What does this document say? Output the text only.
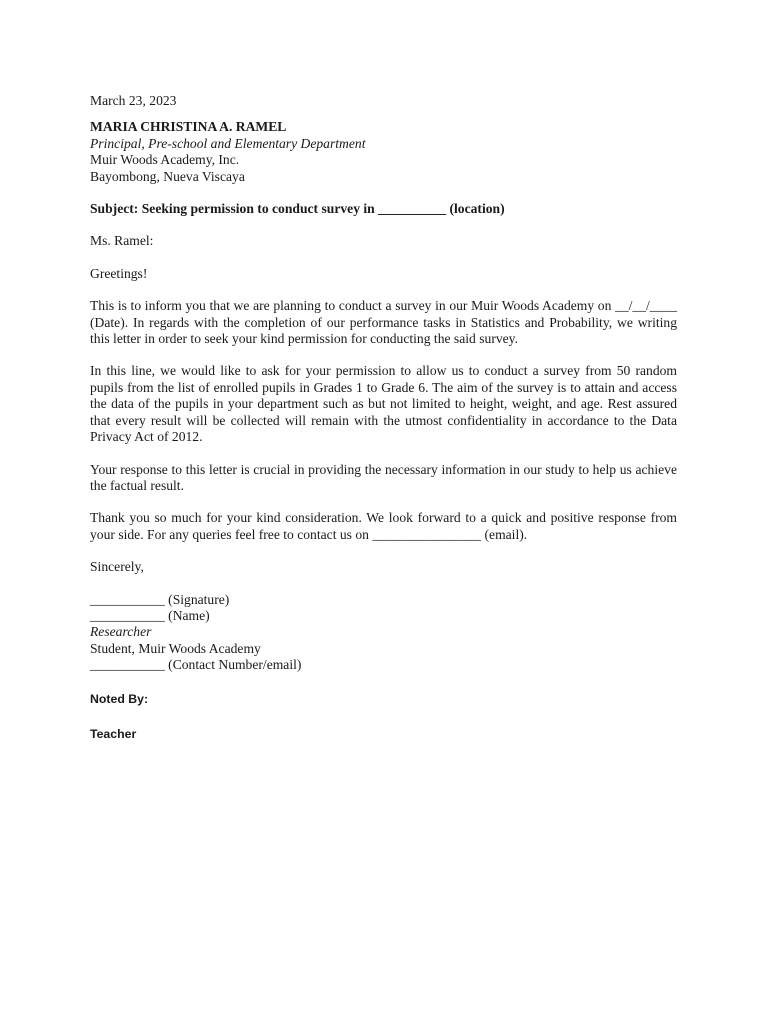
March 23, 2023

MARIA CHRISTINA A. RAMEL
Principal, Pre-school and Elementary Department
Muir Woods Academy, Inc.
Bayombong, Nueva Viscaya

Subject: Seeking permission to conduct survey in __________ (location)

Ms. Ramel:

Greetings!

This is to inform you that we are planning to conduct a survey in our Muir Woods Academy on __/__/____ (Date). In regards with the completion of our performance tasks in Statistics and Probability, we writing this letter in order to seek your kind permission for conducting the said survey.

In this line, we would like to ask for your permission to allow us to conduct a survey from 50 random pupils from the list of enrolled pupils in Grades 1 to Grade 6. The aim of the survey is to attain and access the data of the pupils in your department such as but not limited to height, weight, and age. Rest assured that every result will be collected will remain with the utmost confidentiality in accordance to the Data Privacy Act of 2012.

Your response to this letter is crucial in providing the necessary information in our study to help us achieve the factual result.

Thank you so much for your kind consideration. We look forward to a quick and positive response from your side. For any queries feel free to contact us on ________________ (email).

Sincerely,

___________ (Signature)
___________ (Name)
Researcher
Student, Muir Woods Academy
___________ (Contact Number/email)

Noted By:

Teacher
